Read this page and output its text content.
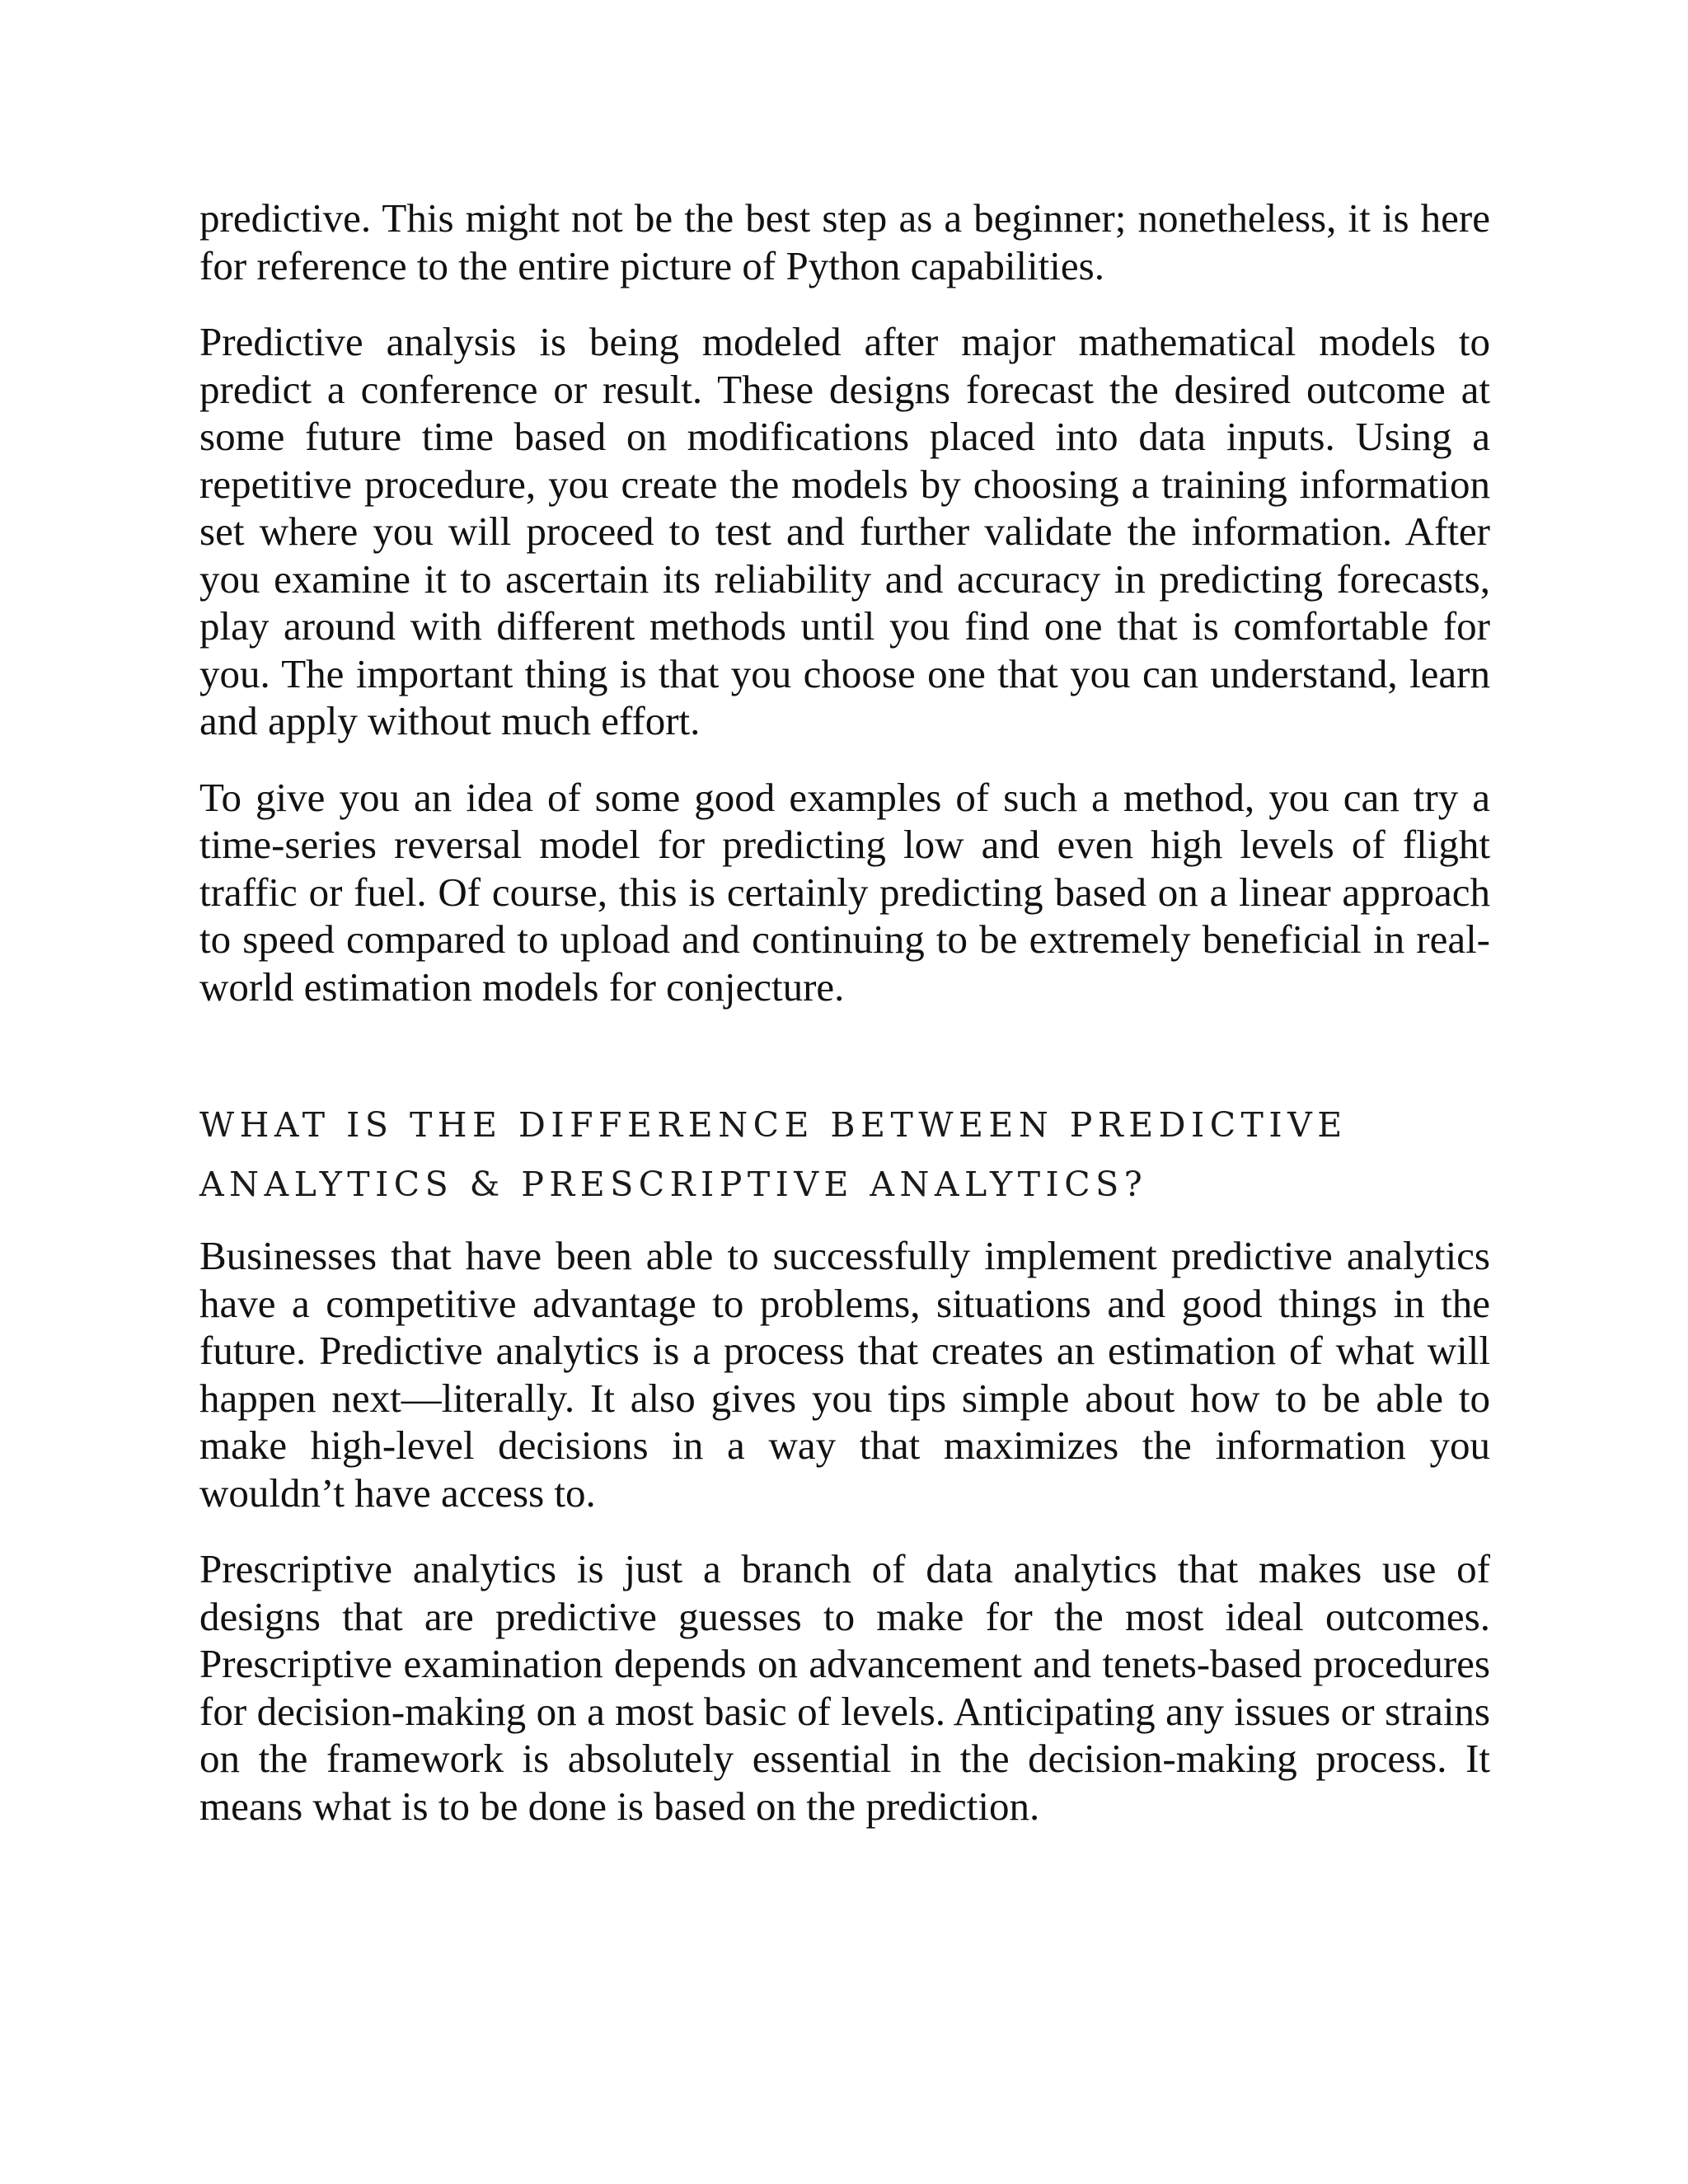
predictive. This might not be the best step as a beginner; nonetheless, it is here for reference to the entire picture of Python capabilities.

Predictive analysis is being modeled after major mathematical models to predict a conference or result. These designs forecast the desired outcome at some future time based on modifications placed into data inputs. Using a repetitive procedure, you create the models by choosing a training information set where you will proceed to test and further validate the information. After you examine it to ascertain its reliability and accuracy in predicting forecasts, play around with different methods until you find one that is comfortable for you. The important thing is that you choose one that you can understand, learn and apply without much effort.

To give you an idea of some good examples of such a method, you can try a time-series reversal model for predicting low and even high levels of flight traffic or fuel. Of course, this is certainly predicting based on a linear approach to speed compared to upload and continuing to be extremely beneficial in real-world estimation models for conjecture.

WHAT IS THE DIFFERENCE BETWEEN PREDICTIVE ANALYTICS & PRESCRIPTIVE ANALYTICS?

Businesses that have been able to successfully implement predictive analytics have a competitive advantage to problems, situations and good things in the future. Predictive analytics is a process that creates an estimation of what will happen next—literally. It also gives you tips simple about how to be able to make high-level decisions in a way that maximizes the information you wouldn’t have access to.

Prescriptive analytics is just a branch of data analytics that makes use of designs that are predictive guesses to make for the most ideal outcomes. Prescriptive examination depends on advancement and tenets-based procedures for decision-making on a most basic of levels. Anticipating any issues or strains on the framework is absolutely essential in the decision-making process. It means what is to be done is based on the prediction.
